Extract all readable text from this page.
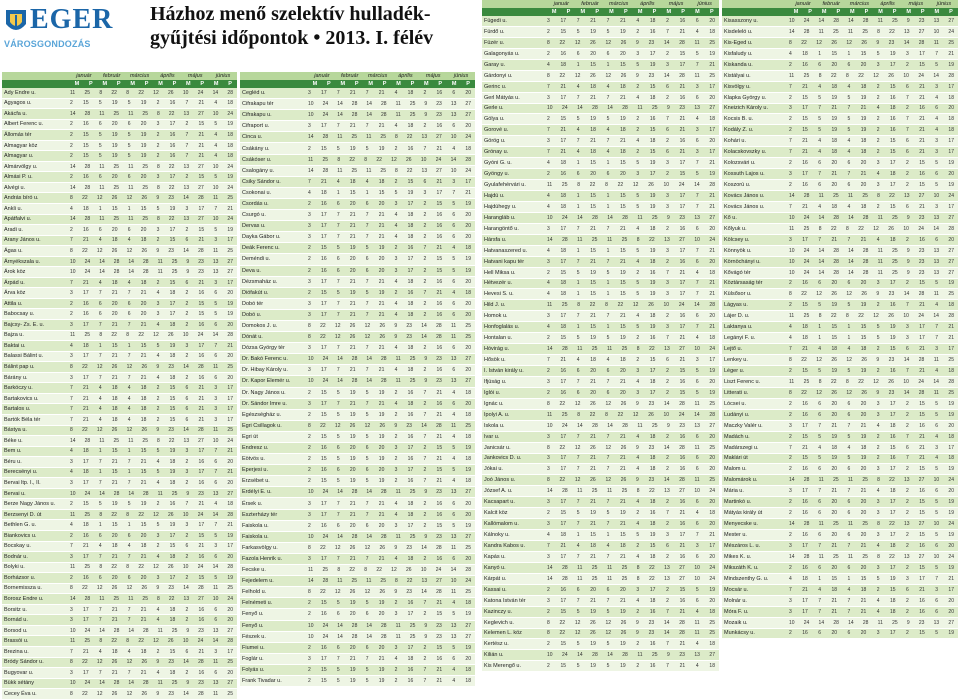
EGER
VÁROSGONDOZÁS
Házhoz menő szelektív hulladék-gyűjtési időpontok • 2013. I. félév
január	február	március	április	május	június
M	P	M	P	M	P	M	P	M	P	M	P
Ady Endre u.	11 25 8 22 8 22 12 26 10 24 14 28
Agyagos u.	2 15 5 19 5 19 2 16 7 21 4 18
Akácfa u.	14 28 11 25 11 25 8 22 13 27 10 24
Albert Ferenc u.	2 16 6 20 6 20 3 17 2 15 5 19
Állomás tér	2 15 5 19 5 19 2 16 7 21 4 18
Almagyar köz	2 15 5 19 5 19 2 16 7 21 4 18
Almagyar u.	2 15 5 19 5 19 2 16 7 21 4 18
Almárvölgy u.	14 28 11 25 11 25 8 22 13 27 10 24
Almási P. u.	2 16 6 20 6 20 3 17 2 15 5 19
Alvégi u.	14 28 11 25 11 25 8 22 13 27 10 24
András bíró u.	8 22 12 26 12 26 9 23 14 28 11 25
Ankli u.	4 18 1 15 1 15 5 19 3 17 7 21
Apátfalvi u.	14 28 11 25 11 25 8 22 13 27 10 24
Aradi u.	2 16 6 20 6 20 3 17 2 15 5 19
Arany János u.	7 21 4 18 4 18 2 15 6 21 3 17
Ágas u.	8 22 12 26 12 26 9 23 14 28 11 25
Árnyékszala u.	10 24 14 28 14 28 11 25 9 23 13 27
Árok köz	10 24 14 28 14 28 11 25 9 23 13 27
Árpád u.	7 21 4 18 4 18 2 15 6 21 3 17
Árva köz	3 17 7 21 7 21 4 18 2 16 6 20
Attila u.	2 16 6 20 6 20 3 17 2 15 5 19
Babocsay u.	2 16 6 20 6 20 3 17 2 15 5 19
Bajcsy- Zs. E. u.	3 17 7 21 7 21 4 18 2 16 6 20
Bajza u.	11 25 8 22 8 22 12 26 10 24 14 28
Baktai u.	4 18 1 15 1 15 5 19 3 17 7 21
Balassi Bálint u.	3 17 7 21 7 21 4 18 2 16 6 20
Bálint pap u.	8 22 12 26 12 26 9 23 14 28 11 25
Bárány u.	3 17 7 21 7 21 4 18 2 16 6 20
Barkóczy u.	7 21 4 18 4 18 2 15 6 21 3 17
Bartakovics u.	7 21 4 18 4 18 2 15 6 21 3 17
Bartalos u.	7 21 4 18 4 18 2 15 6 21 3 17
Bartók Béla tér	7 21 4 18 4 18 2 15 6 21 3 17
Bástya u.	8 22 12 26 12 26 9 23 14 28 11 25
Béke u.	14 28 11 25 11 25 8 22 13 27 10 24
Bem u.	4 18 1 15 1 15 5 19 3 17 7 21
Béru u.	3 17 7 21 7 21 4 18 2 16 6 20
Berecsényi u.	4 18 1 15 1 15 5 19 3 17 7 21
Bervai ltp. I., II.	3 17 7 21 7 21 4 18 2 16 6 20
Bervai u.	10 24 14 28 14 28 11 25 9 23 13 27
Berze Nagy János u.	2 15 5 19 5 19 2 16 7 21 4 18
Berzsenyi D. út	11 25 8 22 8 22 12 26 10 24 14 28
Bethlen G. u.	4 18 1 15 1 15 5 19 3 17 7 21
Biankovics u.	2 16 6 20 6 20 3 17 2 15 5 19
Bocskay u.	7 21 4 18 4 18 2 15 6 21 3 17
Bodnár u.	3 17 7 21 7 21 4 18 2 16 6 20
Bolyki u.	11 25 8 22 8 22 12 26 10 24 14 28
Borházsor u.	2 16 6 20 6 20 3 17 2 15 5 19
Bornemissza u.	8 22 12 26 12 26 9 23 14 28 11 25
Borosz Endre u.	14 28 11 25 11 25 8 22 13 27 10 24
Borsitz u.	3 17 7 21 7 21 4 18 2 16 6 20
Bornád u.	3 17 7 21 7 21 4 18 2 16 6 20
Borsod u.	10 24 14 28 14 28 11 25 9 23 13 27
Brassói u.	11 25 8 22 8 22 12 26 10 24 14 28
Brezina u.	7 21 4 18 4 18 2 15 6 21 3 17
Bródy Sándor u.	8 22 12 26 12 26 9 23 14 28 11 25
Bugyovar u.	3 17 7 21 7 21 4 18 2 16 6 20
Bükk sétány	10 24 14 28 14 28 11 25 9 23 13 27
Cecey Éva u.	8 22 12 26 12 26 9 23 14 28 11 25
január	február	március	április	május	június
M	P	M	P	M	P	M	P	M	P	M	P
Cegléd u.	3 17 7 21 7 21 4 18 2 16 6 20
Cifrakapu tér	10 24 14 28 14 28 11 25 9 23 13 27
Cifrakapu u.	10 24 14 28 14 28 11 25 9 23 13 27
Cifraport u.	3 17 7 21 7 21 4 18 2 16 6 20
Cinca u.	14 28 11 25 11 25 8 22 13 27 10 24
Csákány u.	2 15 5 19 5 19 2 16 7 21 4 18
Csákóser u.	11 25 8 22 8 22 12 26 10 24 14 28
Csalogány u.	14 28 11 25 11 25 8 22 13 27 10 24
Csiky Sándor u.	7 21 4 18 4 18 2 15 6 21 3 17
Csokonai u.	4 18 1 15 1 15 5 19 3 17 7 21
Csordás u.	2 16 6 20 6 20 3 17 2 15 5 19
Csurgó u.	3 17 7 21 7 21 4 18 2 16 6 20
Dervas u.	3 17 7 21 7 21 4 18 2 16 6 20
Dayka Gábor u.	3 17 7 21 7 21 4 18 2 16 6 20
Deák Ferenc u.	2 15 5 19 5 19 2 16 7 21 4 18
Deméndi u.	2 16 6 20 6 20 3 17 2 15 5 19
Deva u.	2 16 6 20 6 20 3 17 2 15 5 19
Dézsmaház u.	3 17 7 21 7 21 4 18 2 16 6 20
Diófakút u.	2 15 5 19 5 19 2 16 7 21 4 18
Dobó tér	3 17 7 21 7 21 4 18 2 16 6 20
Dobó u.	3 17 7 21 7 21 4 18 2 16 6 20
Domokos J. u.	8 22 12 26 12 26 9 23 14 28 11 25
Dónát u.	8 22 12 26 12 26 9 23 14 28 11 25
Dózsa György tér	3 17 7 21 7 21 4 18 2 16 6 20
Dr. Bakó Ferenc u.	10 24 14 28 14 28 11 25 9 23 13 27
Dr. Hibay Károly u.	3 17 7 21 7 21 4 18 2 16 6 20
Dr. Kapor Elemér u.	10 24 14 28 14 28 11 25 9 23 13 27
Dr. Nagy János u.	2 15 5 19 5 19 2 16 7 21 4 18
Dr. Sándor Imre u.	3 17 7 21 7 21 4 18 2 16 6 20
Egészségház u.	2 15 5 19 5 19 2 16 7 21 4 18
Egri Csillagok u.	8 22 12 26 12 26 9 23 14 28 11 25
Egri út	2 15 5 19 5 19 2 16 7 21 4 18
Endresz u.	2 16 6 20 6 20 3 17 2 15 5 19
Eötvös u.	2 15 5 19 5 19 2 16 7 21 4 18
Eperjesi u.	2 16 6 20 6 20 3 17 2 15 5 19
Erzsébet u.	2 15 5 19 5 19 2 16 7 21 4 18
Erdélyi E. u.	10 24 14 28 14 28 11 25 9 23 13 27
Érsek u.	3 17 7 21 7 21 4 18 2 16 6 20
Eszterházy tér	3 17 7 21 7 21 4 18 2 16 6 20
Faiskola u.	2 16 6 20 6 20 3 17 2 15 5 19
Faiskola u.	10 24 14 28 14 28 11 25 9 23 13 27
Farkasvölgy u.	8 22 12 26 12 26 9 23 14 28 11 25
Fazola Henrik u.	3 17 7 21 7 21 4 18 2 16 6 20
Fecske u.	11 25 8 22 8 22 12 26 10 24 14 28
Fejedelem u.	14 28 11 25 11 25 8 22 13 27 10 24
Felhold u.	8 22 12 26 12 26 9 23 14 28 11 25
Felnémeti u.	2 15 5 19 5 19 2 16 7 21 4 18
Fenyő u.	2 16 6 20 6 20 3 17 2 15 5 19
Fenyő u.	10 24 14 28 14 28 11 25 9 23 13 27
Fészek u.	10 24 14 28 14 28 11 25 9 23 13 27
Fiumei u.	2 16 6 20 6 20 3 17 2 15 5 19
Foglár u.	3 17 7 21 7 21 4 18 2 16 6 20
Folyás u.	2 15 5 19 5 19 2 16 7 21 4 18
Frank Tivadar u.	2 15 5 19 5 19 2 16 7 21 4 18
január	február	március	április	május	június
M	P	M	P	M	P	M	P	M	P	M	P
Fügedi u.	3 17 7 21 7 21 4 18 2 16 6 20
Fürdő u.	2 15 5 19 5 19 2 16 7 21 4 18
Füzér u.	8 22 12 26 12 26 9 23 14 28 11 25
Galagonyás u.	2 16 6 20 6 20 3 17 2 15 5 19
Garay u.	4 18 1 15 1 15 5 19 3 17 7 21
Gárdonyi u.	8 22 12 26 12 26 9 23 14 28 11 25
Gerinc u.	7 21 4 18 4 18 2 15 6 21 3 17
Gerl Mátyás u.	3 17 7 21 7 21 4 18 2 16 6 20
Gerle u.	10 24 14 28 14 28 11 25 9 23 13 27
Gólya u.	2 15 5 19 5 19 2 16 7 21 4 18
Gorové u.	7 21 4 18 4 18 2 15 6 21 3 17
Görög u.	3 17 7 21 7 21 4 18 2 16 6 20
Grónay u.	7 21 4 18 4 18 2 15 6 21 3 17
Gyóni G. u.	4 18 1 15 1 15 5 19 3 17 7 21
Gyöngy u.	2 16 6 20 6 20 3 17 2 15 5 19
Gyulafehérvári u.	11 25 8 22 8 22 12 26 10 24 14 28
Hajdú u.	4 18 1 15 1 15 5 19 3 17 7 21
Hajdúhegy u.	4 18 1 15 1 15 5 19 3 17 7 21
Harangláb u.	10 24 14 28 14 28 11 25 9 23 13 27
Harangöntő u.	3 17 7 21 7 21 4 18 2 16 6 20
Hársfa u.	14 28 11 25 11 25 8 22 13 27 10 24
Hatvanaszered u.	4 18 1 15 1 15 5 19 3 17 7 21
Hatvani kapu tér	3 17 7 21 7 21 4 18 2 16 6 20
Hell Miksa u.	2 15 5 19 5 19 2 16 7 21 4 18
Hétvezér u.	4 18 1 15 1 15 5 19 3 17 7 21
Hevesi S. u.	4 18 1 15 1 15 5 19 3 17 7 21
Hild J. u.	11 25 8 22 8 22 12 26 10 24 14 28
Homok u.	3 17 7 21 7 21 4 18 2 16 6 20
Honfoglalás u.	4 18 1 15 1 15 5 19 3 17 7 21
Hontalan u.	2 15 5 19 5 19 2 16 7 21 4 18
Hóvirág u.	14 28 11 25 11 25 8 22 13 27 10 24
Hősök u.	7 21 4 18 4 18 2 15 6 21 3 17
I. István király u.	2 16 6 20 6 20 3 17 2 15 5 19
Ifjúság u.	3 17 7 21 7 21 4 18 2 16 6 20
Iglói u.	2 16 6 20 6 20 3 17 2 15 5 19
Ignác u.	8 22 12 26 12 26 9 23 14 28 11 25
Ipolyi A. u.	11 25 8 22 8 22 12 26 10 24 14 28
Iskola u.	10 24 14 28 14 28 11 25 9 23 13 27
Ivar u.	3 17 7 21 7 21 4 18 2 16 6 20
Janicsár u.	8 22 12 26 12 26 9 23 14 28 11 25
Jankovics D. u.	3 17 7 21 7 21 4 18 2 16 6 20
Jókai u.	3 17 7 21 7 21 4 18 2 16 6 20
Joó János u.	8 22 12 26 12 26 9 23 14 28 11 25
József A. u.	14 28 11 25 11 25 8 22 13 27 10 24
Kacsapart u.	3 17 7 21 7 21 4 18 2 16 6 20
Kalcit köz	2 15 5 19 5 19 2 16 7 21 4 18
Kallómalom u.	3 17 7 21 7 21 4 18 2 16 6 20
Kálnoky u.	4 18 1 15 1 15 5 19 3 17 7 21
Kandra Kabos u.	7 21 4 18 4 18 2 15 6 21 3 17
Kapás u.	3 17 7 21 7 21 4 18 2 16 6 20
Kanyó u.	14 28 11 25 11 25 8 22 13 27 10 24
Kárpát u.	14 28 11 25 11 25 8 22 13 27 10 24
Kassai u.	2 16 6 20 6 20 3 17 2 15 5 19
Katona István tér	3 17 7 21 7 21 4 18 2 16 6 20
Kazinczy u.	2 15 5 19 5 19 2 16 7 21 4 18
Keglevich u.	8 22 12 26 12 26 9 23 14 28 11 25
Kelemen L. köz	8 22 12 26 12 26 9 23 14 28 11 25
Kertész u.	2 15 5 19 5 19 2 16 7 21 4 18
Kilián u.	10 24 14 28 14 28 11 25 9 23 13 27
Kis Merengő u.	2 15 5 19 5 19 2 16 7 21 4 18
január	február	március	április	május	június
M	P	M	P	M	P	M	P	M	P	M	P
Kisasszony u.	10 24 14 28 14 28 11 25 9 23 13 27
Kisdeleló u.	14 28 11 25 11 25 8 22 13 27 10 24
Kis-Eged u.	8 22 12 26 12 26 9 23 14 28 11 25
Kisfaludy u.	4 18 1 15 1 15 5 19 3 17 7 21
Kiskanda u.	2 16 6 20 6 20 3 17 2 15 5 19
Kistályai u.	11 25 8 22 8 22 12 26 10 24 14 28
Kisvölgy u.	7 21 4 18 4 18 2 15 6 21 3 17
Klapka György u.	2 15 5 19 5 19 2 16 7 21 4 18
Kneizich Károly u.	3 17 7 21 7 21 4 18 2 16 6 20
Kocsis B. u.	2 15 5 19 5 19 2 16 7 21 4 18
Kodály Z. u.	2 15 5 19 5 19 2 16 7 21 4 18
Kohári u.	7 21 4 18 4 18 2 15 6 21 3 17
Kolacskovszky u.	7 21 4 18 4 18 2 15 6 21 3 17
Kolozsvári u.	2 16 6 20 6 20 3 17 2 15 5 19
Kossuth Lajos u.	3 17 7 21 7 21 4 18 2 16 6 20
Koszorú u.	2 16 6 20 6 20 3 17 2 15 5 19
Kovács János u.	14 28 11 25 11 25 8 22 13 27 10 24
Kovács János u.	7 21 4 18 4 18 2 15 6 21 3 17
Kő u.	10 24 14 28 14 28 11 25 9 23 13 27
Kőlyuk u.	11 25 8 22 8 22 12 26 10 24 14 28
Kölcsey u.	3 17 7 21 7 21 4 18 2 16 6 20
Könnyök u.	10 24 14 28 14 28 11 25 9 23 13 27
Körnöchányi u.	10 24 14 28 14 28 11 25 9 23 13 27
Kővágó tér	10 24 14 28 14 28 11 25 9 23 13 27
Köztársaság tér	2 16 6 20 6 20 3 17 2 15 5 19
Külsősor u.	8 22 12 26 12 26 9 23 14 28 11 25
Lágyas u.	2 15 5 19 5 19 2 16 7 21 4 18
Lájer D. u.	11 25 8 22 8 22 12 26 10 24 14 28
Laktanya u.	4 18 1 15 1 15 5 19 3 17 7 21
Legányi F. u.	4 18 1 15 1 15 5 19 3 17 7 21
Lejtő u.	7 21 4 18 4 18 2 15 6 21 3 17
Lenkey u.	8 22 12 26 12 26 9 23 14 28 11 25
Léger u.	2 15 5 19 5 19 2 16 7 21 4 18
Liszt Ferenc u.	11 25 8 22 8 22 12 26 10 24 14 28
Litterati u.	8 22 12 26 12 26 9 23 14 28 11 25
Lócsei u.	2 16 6 20 6 20 3 17 2 15 5 19
Ludányi u.	2 16 6 20 6 20 3 17 2 15 5 19
Maczky Valér u.	3 17 7 21 7 21 4 18 2 16 6 20
Madách u.	2 15 5 19 5 19 2 16 7 21 4 18
Madárszegi u.	7 21 4 18 4 18 2 15 6 21 3 17
Maklári út	2 15 5 19 5 19 2 16 7 21 4 18
Malom u.	2 16 6 20 6 20 3 17 2 15 5 19
Malomárok u.	14 28 11 25 11 25 8 22 13 27 10 24
Mária u.	3 17 7 21 7 21 4 18 2 16 6 20
Martinkó u.	2 16 6 20 6 20 3 17 2 15 5 19
Mátyás király út	2 16 6 20 6 20 3 17 2 15 5 19
Menyecske u.	14 28 11 25 11 25 8 22 13 27 10 24
Mester u.	2 16 6 20 6 20 3 17 2 15 5 19
Mészáros L. u.	3 17 7 21 7 21 4 18 2 16 6 20
Mikes K. u.	14 28 11 25 11 25 8 22 13 27 10 24
Mikszáth K. u.	2 16 6 20 6 20 3 17 2 15 5 19
Mindszenthy G. u.	4 18 1 15 1 15 5 19 3 17 7 21
Mocsár u.	7 21 4 18 4 18 2 15 6 21 3 17
Molnár u.	3 17 7 21 7 21 4 18 2 16 6 20
Móra F. u.	3 17 7 21 7 21 4 18 2 16 6 20
Mozaik u.	10 24 14 28 14 28 11 25 9 23 13 27
Munkácsy u.	2 16 6 20 6 20 3 17 2 15 5 19
